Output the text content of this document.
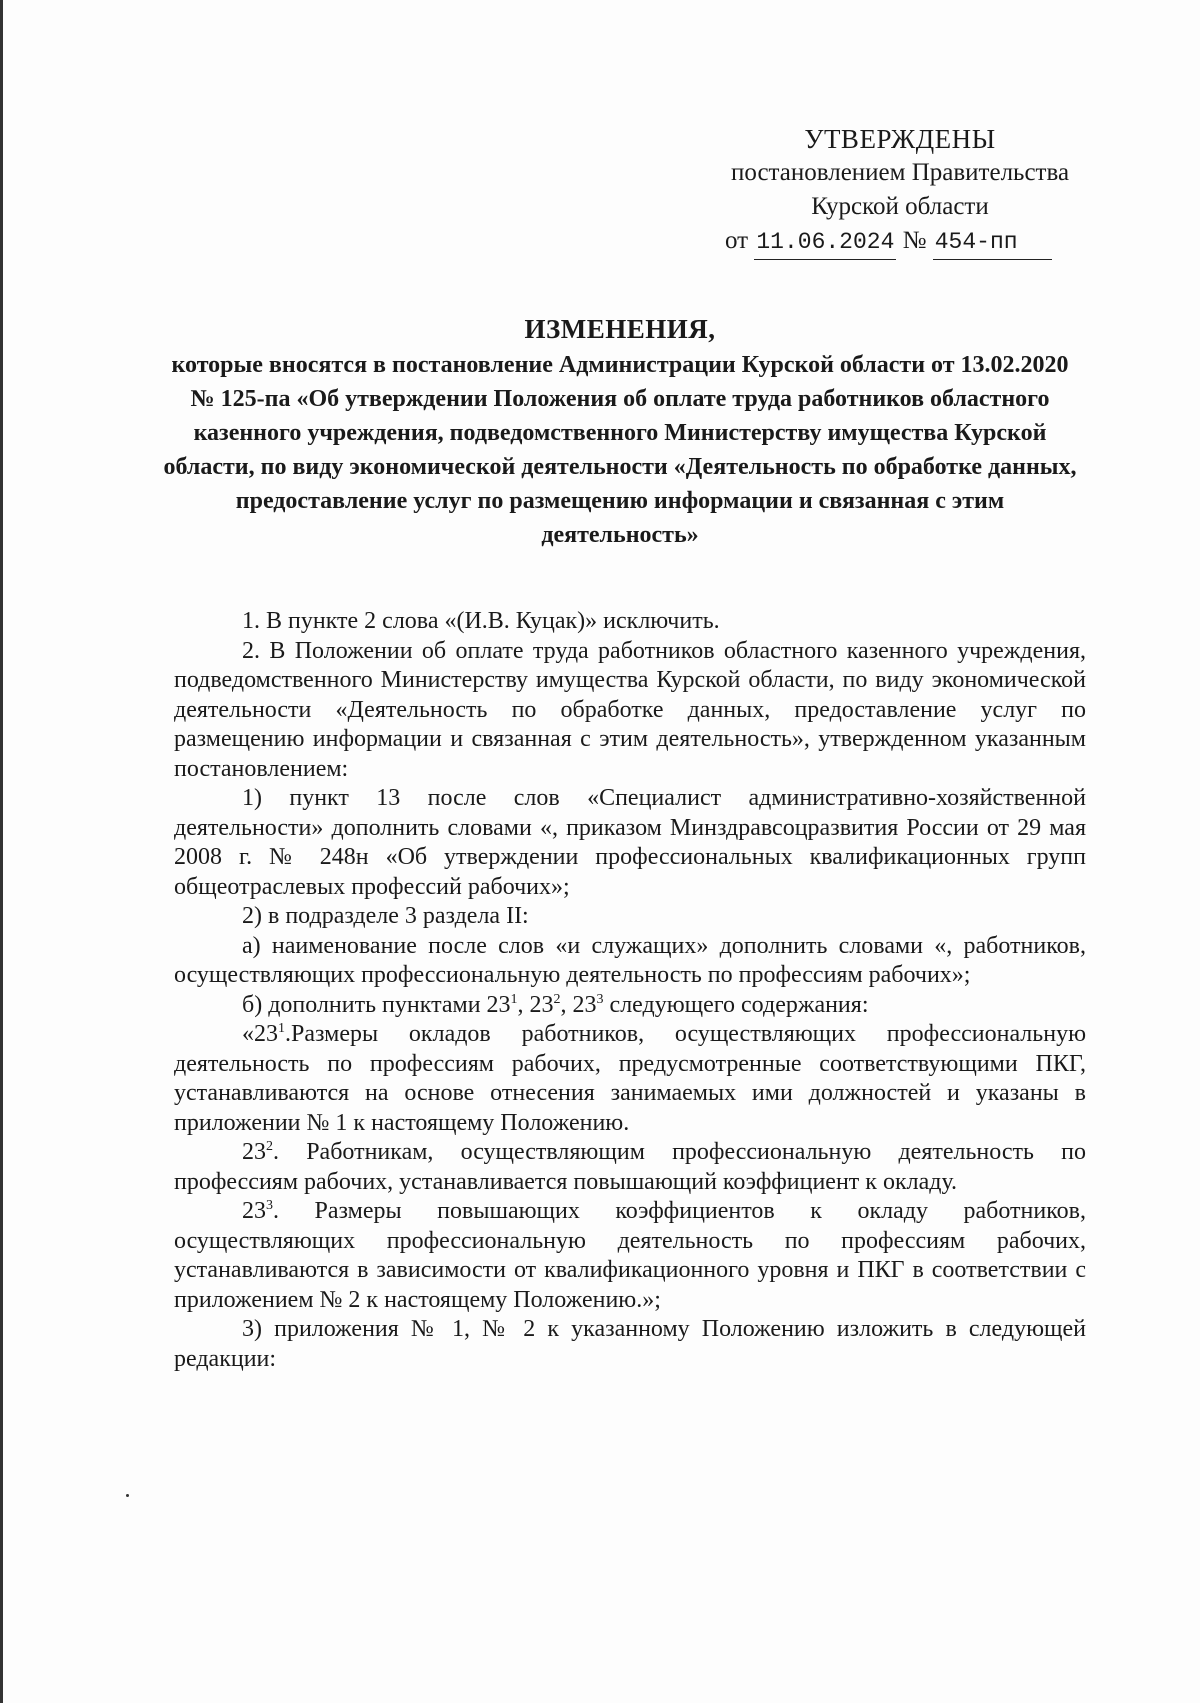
УТВЕРЖДЕНЫ
постановлением Правительства
Курской области
от 11.06.2024 № 454-пп
ИЗМЕНЕНИЯ,
которые вносятся в постановление Администрации Курской области от 13.02.2020 № 125-па «Об утверждении Положения об оплате труда работников областного казенного учреждения, подведомственного Министерству имущества Курской области, по виду экономической деятельности «Деятельность по обработке данных, предоставление услуг по размещению информации и связанная с этим деятельность»

1. В пункте 2 слова «(И.В. Куцак)» исключить.

2. В Положении об оплате труда работников областного казенного учреждения, подведомственного Министерству имущества Курской области, по виду экономической деятельности «Деятельность по обработке данных, предоставление услуг по размещению информации и связанная с этим деятельность», утвержденном указанным постановлением:

1) пункт 13 после слов «Специалист административно-хозяйственной деятельности» дополнить словами «, приказом Минздравсоцразвития России от 29 мая 2008 г. № 248н «Об утверждении профессиональных квалификационных групп общеотраслевых профессий рабочих»;

2) в подразделе 3 раздела II:

а) наименование после слов «и служащих» дополнить словами «, работников, осуществляющих профессиональную деятельность по профессиям рабочих»;

б) дополнить пунктами $23^1$, $23^2$, $23^3$ следующего содержания:

«$23^1.Размеры$ окладов работников, осуществляющих профессиональную деятельность по профессиям рабочих, предусмотренные соответствующими ПКГ, устанавливаются на основе отнесения занимаемых ими должностей и указаны в приложении № 1 к настоящему Положению.

$23^2$. Работникам, осуществляющим профессиональную деятельность по профессиям рабочих, устанавливается повышающий коэффициент к окладу.

$23^3$. Размеры повышающих коэффициентов к окладу работников, осуществляющих профессиональную деятельность по профессиям рабочих, устанавливаются в зависимости от квалификационного уровня и ПКГ в соответствии с приложением № 2 к настоящему Положению.»;

3) приложения № 1, № 2 к указанному Положению изложить в следующей редакции:
